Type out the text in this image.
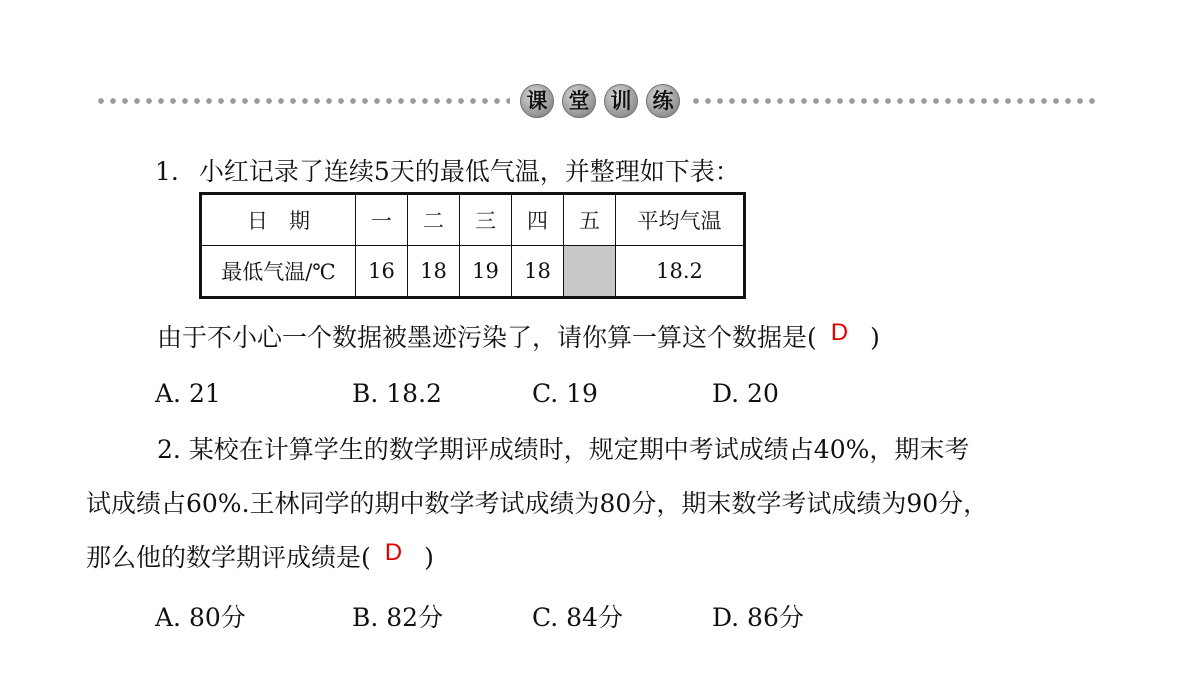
课	堂	训	练
1. 小红记录了连续5天的最低气温，并整理如下表：
日　期	一	二	三	四	五	平均气温
最低气温/℃	16	18	19	18		18.2
由于不小心一个数据被墨迹污染了，请你算一算这个数据是( D )
A. 21	B. 18.2	C. 19	D. 20
2. 某校在计算学生的数学期评成绩时，规定期中考试成绩占40%，期末考
试成绩占60%.王林同学的期中数学考试成绩为80分，期末数学考试成绩为90分，
那么他的数学期评成绩是( D )
A. 80分	B. 82分	C. 84分	D. 86分
